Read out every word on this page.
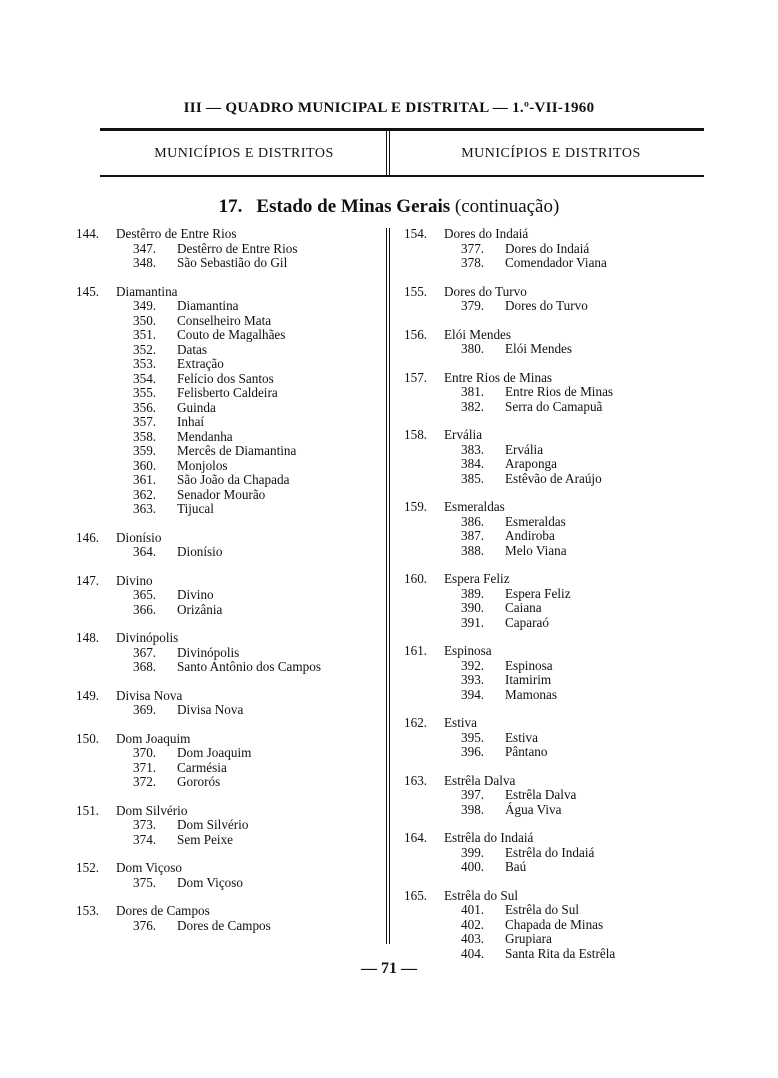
III — QUADRO MUNICIPAL E DISTRITAL — 1.º-VII-1960
MUNICÍPIOS E DISTRITOS	MUNICÍPIOS E DISTRITOS
17. Estado de Minas Gerais (continuação)
144.	Destêrro de Entre Rios
347.	Destêrro de Entre Rios
348.	São Sebastião do Gil
145.	Diamantina
349.	Diamantina
350.	Conselheiro Mata
351.	Couto de Magalhães
352.	Datas
353.	Extração
354.	Felício dos Santos
355.	Felisberto Caldeira
356.	Guinda
357.	Inhaí
358.	Mendanha
359.	Mercês de Diamantina
360.	Monjolos
361.	São João da Chapada
362.	Senador Mourão
363.	Tijucal
146.	Dionísio
364.	Dionísio
147.	Divino
365.	Divino
366.	Orizânia
148.	Divinópolis
367.	Divinópolis
368.	Santo Antônio dos Campos
149.	Divisa Nova
369.	Divisa Nova
150.	Dom Joaquim
370.	Dom Joaquim
371.	Carmésia
372.	Gororós
151.	Dom Silvério
373.	Dom Silvério
374.	Sem Peixe
152.	Dom Viçoso
375.	Dom Viçoso
153.	Dores de Campos
376.	Dores de Campos
154.	Dores do Indaiá
377.	Dores do Indaiá
378.	Comendador Viana
155.	Dores do Turvo
379.	Dores do Turvo
156.	Elói Mendes
380.	Elói Mendes
157.	Entre Rios de Minas
381.	Entre Rios de Minas
382.	Serra do Camapuã
158.	Ervália
383.	Ervália
384.	Araponga
385.	Estêvão de Araújo
159.	Esmeraldas
386.	Esmeraldas
387.	Andiroba
388.	Melo Viana
160.	Espera Feliz
389.	Espera Feliz
390.	Caiana
391.	Caparaó
161.	Espinosa
392.	Espinosa
393.	Itamirim
394.	Mamonas
162.	Estiva
395.	Estiva
396.	Pântano
163.	Estrêla Dalva
397.	Estrêla Dalva
398.	Água Viva
164.	Estrêla do Indaiá
399.	Estrêla do Indaiá
400.	Baú
165.	Estrêla do Sul
401.	Estrêla do Sul
402.	Chapada de Minas
403.	Grupiara
404.	Santa Rita da Estrêla
— 71 —
